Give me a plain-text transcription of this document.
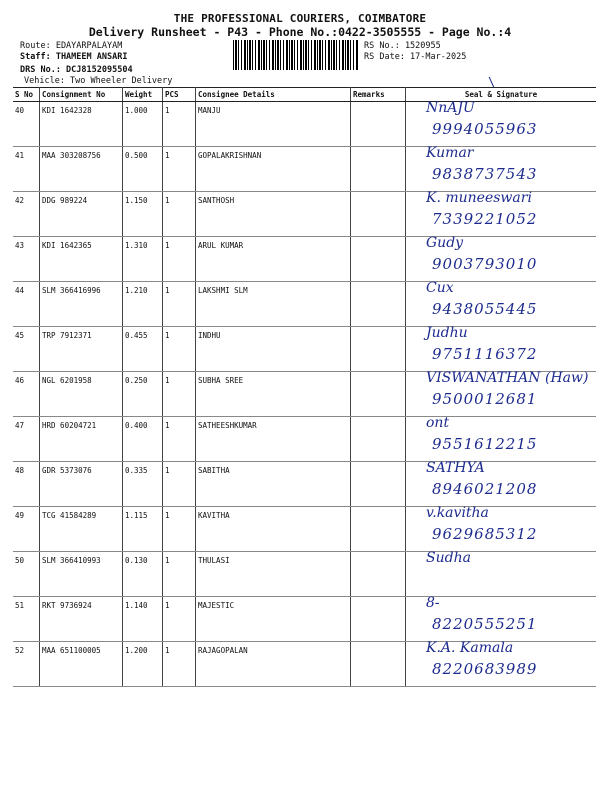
THE PROFESSIONAL COURIERS, COIMBATORE
Delivery Runsheet - P43 - Phone No.:0422-3505555 - Page No.:4
Route: EDAYARPALAYAM
Staff: THAMEEM ANSARI
DRS No.: DCJ8152095504
Vehicle: Two Wheeler Delivery
RS No.: 1520955
RS Date: 17-Mar-2025
\
S No	Consignment No	Weight	PCS	Consignee Details	Remarks	Seal & Signature
40	KDI 1642328	1.000	1	MANJU		NnAJU
9994055963

41	MAA 303208756	0.500	1	GOPALAKRISHNAN		Kumar
9838737543

42	DDG 989224	1.150	1	SANTHOSH		K. muneeswari
7339221052

43	KDI 1642365	1.310	1	ARUL KUMAR		Gudy
9003793010

44	SLM 366416996	1.210	1	LAKSHMI SLM		Cux
9438055445

45	TRP 7912371	0.455	1	INDHU		Judhu
9751116372

46	NGL 6201958	0.250	1	SUBHA SREE		VISWANATHAN (Haw)
9500012681

47	HRD 60204721	0.400	1	SATHEESHKUMAR		ont
9551612215

48	GDR 5373076	0.335	1	SABITHA		SATHYA
8946021208

49	TCG 41584289	1.115	1	KAVITHA		v.kavitha
9629685312

50	SLM 366410993	0.130	1	THULASI		Sudha

51	RKT 9736924	1.140	1	MAJESTIC		8-
8220555251

52	MAA 651100005	1.200	1	RAJAGOPALAN		K.A. Kamala
8220683989
